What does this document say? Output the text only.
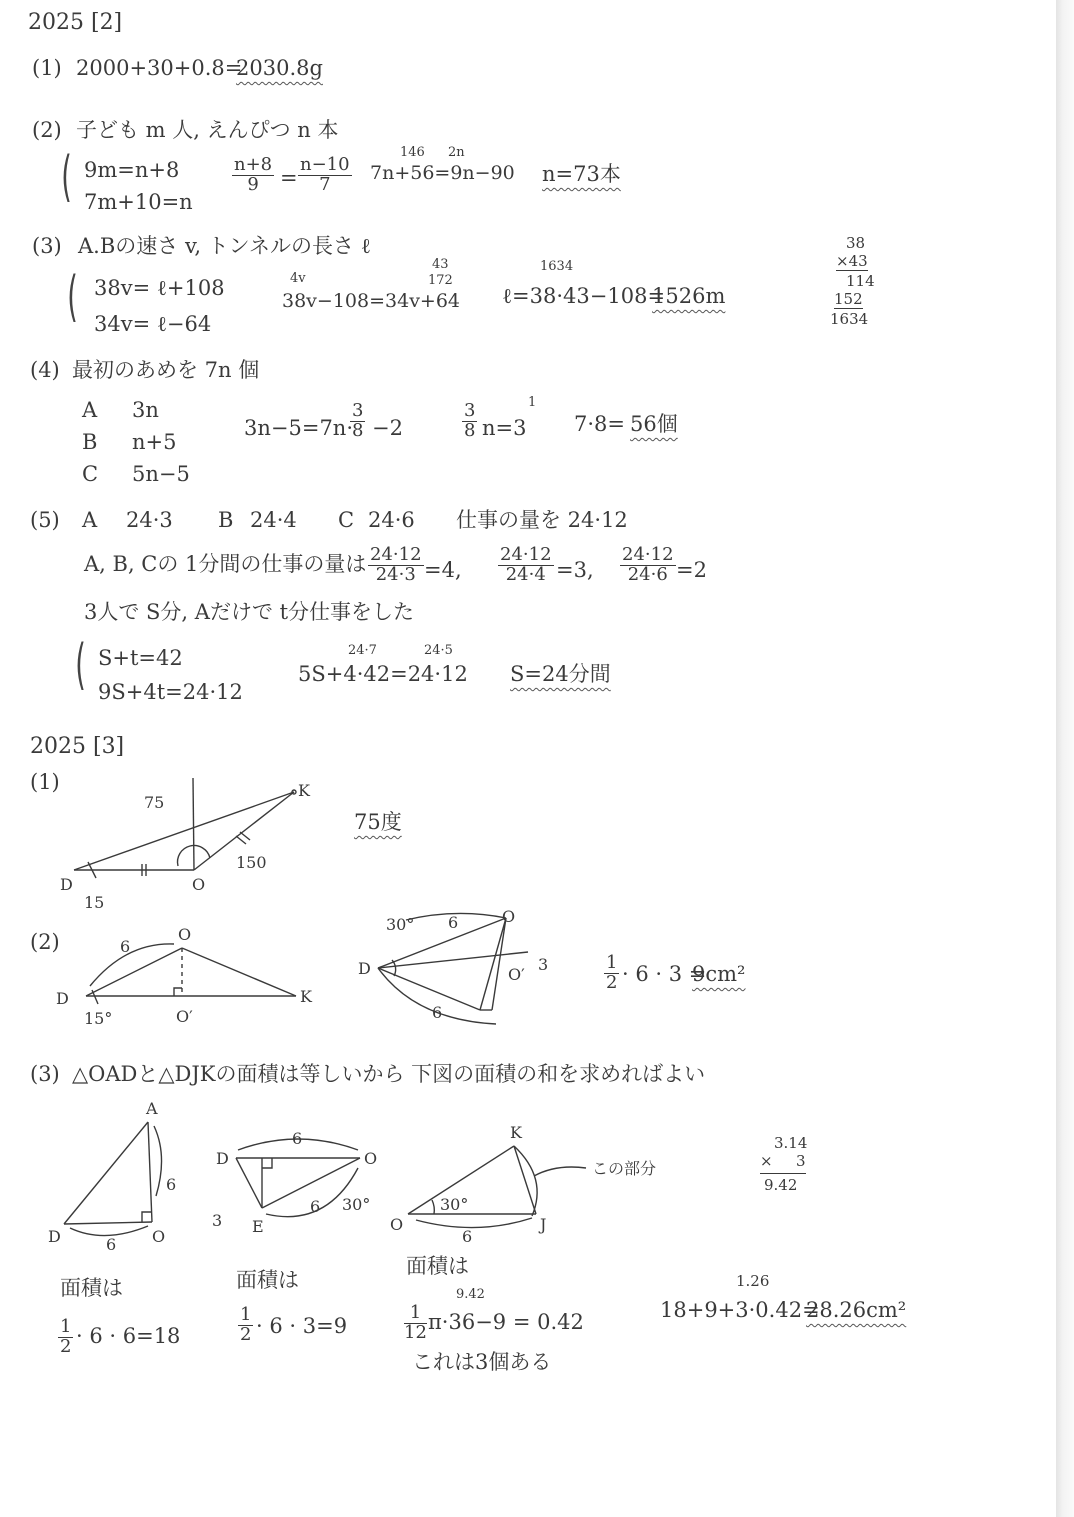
2025 [2]
(1) 2000+30+0.8=
2030.8g
(2) 子ども m 人, えんぴつ n 本
( 9m=n+8
7m+10=n
$\frac{n+8}{9} = \frac{n-10}{7}$
146 2n
7n+56=9n−90 n=73本
(3) A.Bの速さ v, トンネルの長さ ℓ
( 38v= ℓ+108
34v= ℓ−64
4v
43
172
38v−108=34v+64
1634
ℓ=38·43−108=
1526m
38
×43
114
152
1634
(4) 最初のあめを 7n 個
A 3n
B n+5
C 5n−5
3n−5=7n·
$\frac{3}{8} -2$	$\frac{3}{8} n=3$
1
7·8= 56個
(5) A 24·3 B 24·4 C 24·6 仕事の量を 24·12
A, B, Cの 1分間の仕事の量は $\frac{24\cdot 12}{24\cdot 3} =4$, $\frac{24\cdot 12}{24\cdot 4} =3$, $\frac{24\cdot 12}{24\cdot 6} =2$
3人で S分, Aだけで t分仕事をした
( S+t=42
9S+4t=24·12
24·7	24·5
5S+4·42=24·12 S=24分間
2025 [3]
(1)
75
K
150
D	O
15
75度
(2)	6
O
D	K
15°	O′
30° 6	O
D	3
O′
6
$\frac{1}{2} \cdot 6 \cdot 3$ =
9cm²
(3) △OADと△DJKの面積は等しいから 下図の面積の和を求めればよい
A
6
D	6 O
D
6
O
6 30°
3 E
K
この部分
30°
O
6
J
3.14
× 3
9.42
面積は
$\frac{1}{2} \cdot 6 \cdot 6=18$
面積は
$\frac{1}{2} \cdot 6 \cdot 3=9$
面積は
9.42
$\frac{1}{12} \pi\cdot 36-9 = 0.42$
これは3個ある
1.26
18+9+3·0.42=
28.26cm²
